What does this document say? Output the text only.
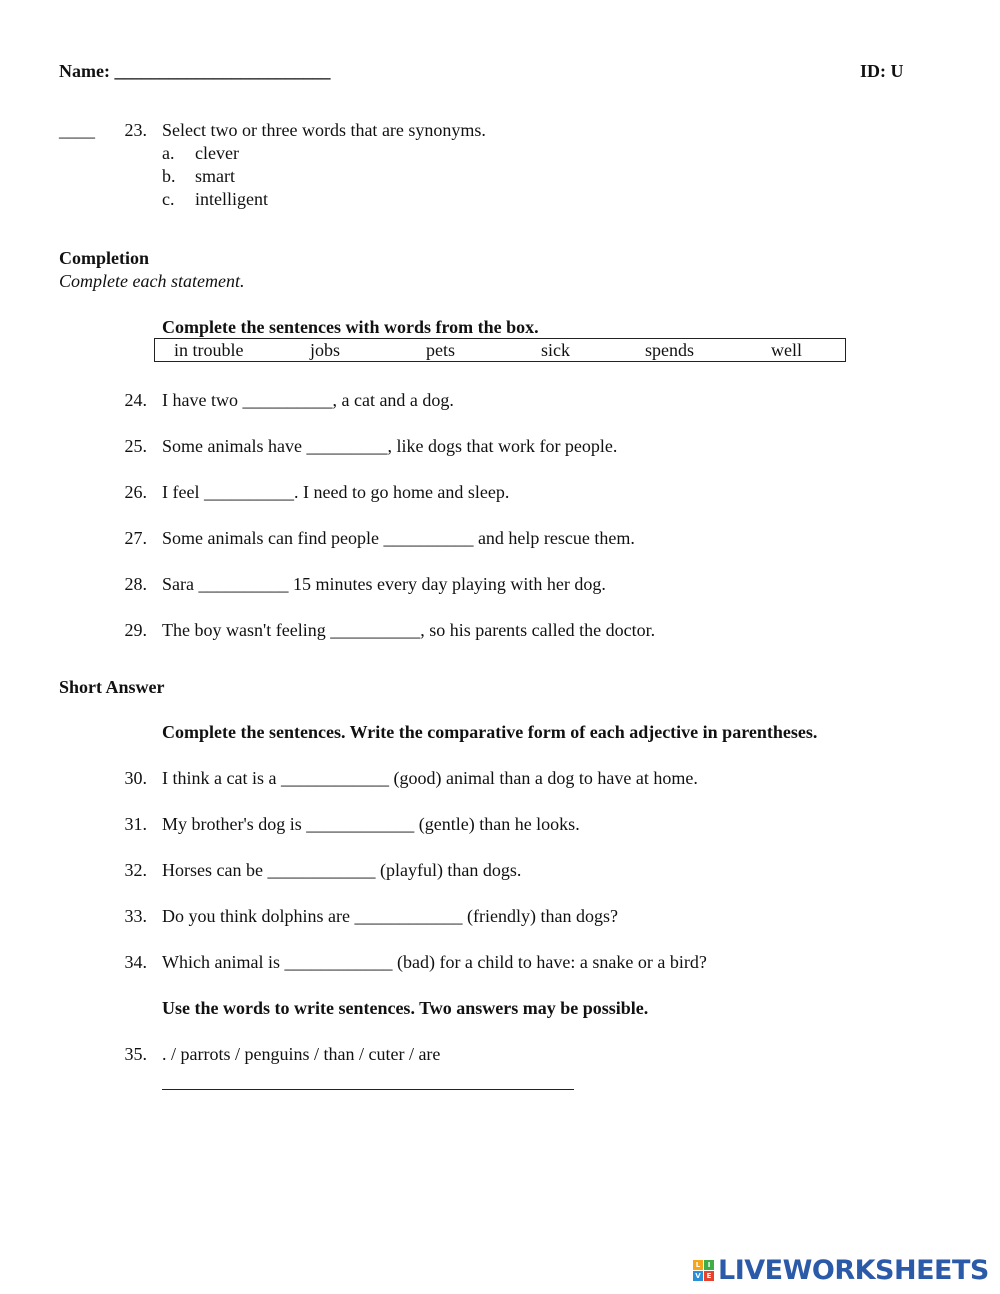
Name: ________________________	ID: U
____	23. Select two or three words that are synonyms.
a. clever
b. smart
c. intelligent
Completion
Complete each statement.
Complete the sentences with words from the box.
in trouble	jobs	pets	sick	spends	well
24. I have two __________, a cat and a dog.
25. Some animals have _________, like dogs that work for people.
26. I feel __________. I need to go home and sleep.
27. Some animals can find people __________ and help rescue them.
28. Sara __________ 15 minutes every day playing with her dog.
29. The boy wasn't feeling __________, so his parents called the doctor.
Short Answer
Complete the sentences. Write the comparative form of each adjective in parentheses.
30. I think a cat is a ____________ (good) animal than a dog to have at home.
31. My brother's dog is ____________ (gentle) than he looks.
32. Horses can be ____________ (playful) than dogs.
33. Do you think dolphins are ____________ (friendly) than dogs?
34. Which animal is ____________ (bad) for a child to have: a snake or a bird?
Use the words to write sentences. Two answers may be possible.
35. . / parrots / penguins / than / cuter / are
L	I
V E LIVEWORKSHEETS
